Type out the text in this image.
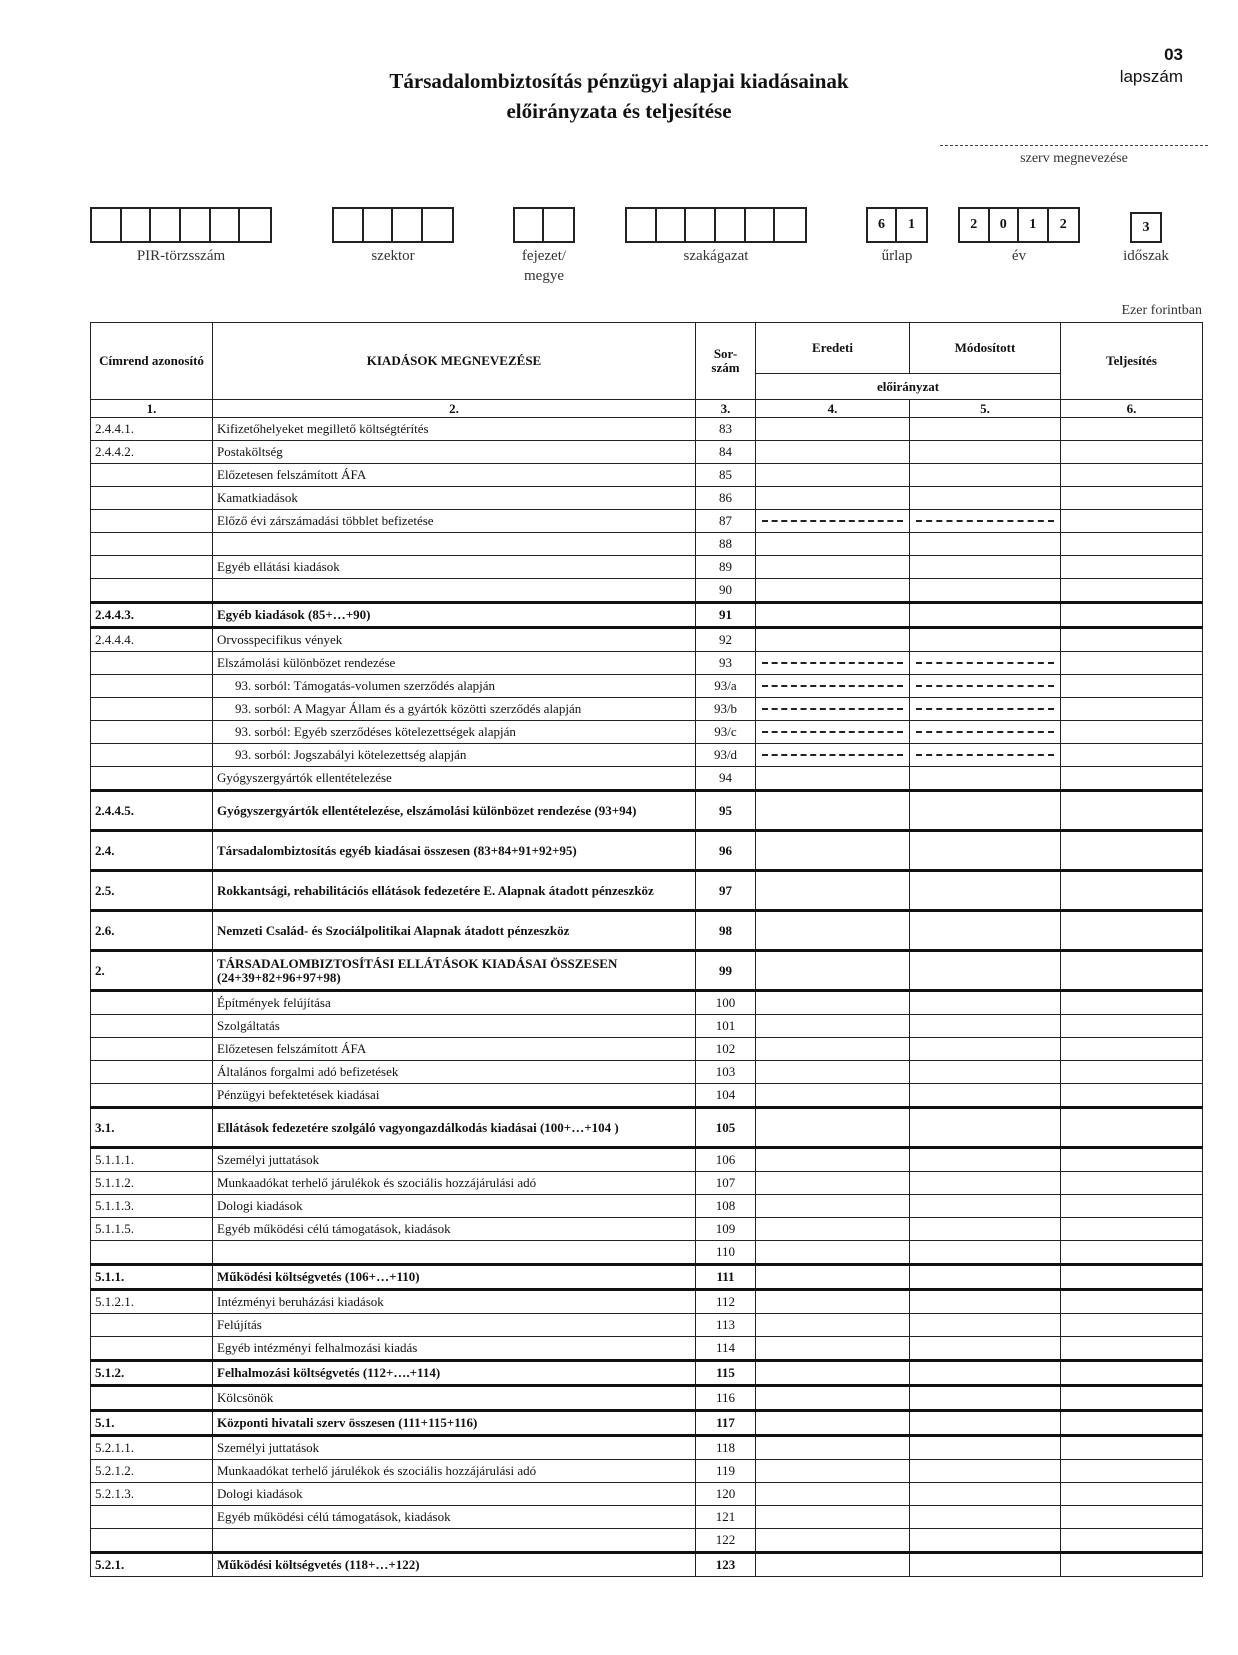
03
lapszám
Társadalombiztosítás pénzügyi alapjai kiadásainak
előirányzata és teljesítése
szerv megnevezése
PIR-törzsszám	szektor	fejezet/
megye
szakágazat
6	1
űrlap
2	0	1	2
év
3
időszak
Ezer forintban
Címrend azonosító	KIADÁSOK MEGNEVEZÉSE	Sor-
szám	Eredeti	Módosított	Teljesítés
			előirányzat		
1.	2.	3.	4.	5.	6.
2.4.4.1.	Kifizetőhelyeket megillető költségtérítés	83			
2.4.4.2.	Postaköltség	84			
	Előzetesen felszámított ÁFA	85			
	Kamatkiadások	86			
	Előző évi zárszámadási többlet befizetése	87	

		88			
	Egyéb ellátási kiadások	89			
		90			
2.4.4.3.	Egyéb kiadások (85+…+90)	91			
2.4.4.4.	Orvosspecifikus vények	92			
	Elszámolási különbözet rendezése	93	

	93. sorból: Támogatás-volumen szerződés alapján	93/a	

	93. sorból: A Magyar Állam és a gyártók közötti szerződés alapján	93/b	

	93. sorból: Egyéb szerződéses kötelezettségek alapján	93/c	

	93. sorból: Jogszabályi kötelezettség alapján	93/d	

	Gyógyszergyártók ellentételezése	94			
2.4.4.5.	Gyógyszergyártók ellentételezése, elszámolási különbözet rendezése (93+94)	95			
2.4.	Társadalombiztosítás egyéb kiadásai összesen (83+84+91+92+95)	96			
2.5.	Rokkantsági, rehabilitációs ellátások fedezetére E. Alapnak átadott pénzeszköz	97			
2.6.	Nemzeti Család- és Szociálpolitikai Alapnak átadott pénzeszköz	98			
2.	TÁRSADALOMBIZTOSÍTÁSI ELLÁTÁSOK KIADÁSAI ÖSSZESEN (24+39+82+96+97+98)	99			
	Építmények felújítása	100			
	Szolgáltatás	101			
	Előzetesen felszámított ÁFA	102			
	Általános forgalmi adó befizetések	103			
	Pénzügyi befektetések kiadásai	104			
3.1.	Ellátások fedezetére szolgáló vagyongazdálkodás kiadásai (100+…+104 )	105			
5.1.1.1.	Személyi juttatások	106			
5.1.1.2.	Munkaadókat terhelő járulékok és szociális hozzájárulási adó	107			
5.1.1.3.	Dologi kiadások	108			
5.1.1.5.	Egyéb működési célú támogatások, kiadások	109			
		110			
5.1.1.	Működési költségvetés (106+…+110)	111			
5.1.2.1.	Intézményi beruházási kiadások	112			
	Felújítás	113			
	Egyéb intézményi felhalmozási kiadás	114			
5.1.2.	Felhalmozási költségvetés (112+….+114)	115			
	Kölcsönök	116			
5.1.	Központi hivatali szerv összesen (111+115+116)	117			
5.2.1.1.	Személyi juttatások	118			
5.2.1.2.	Munkaadókat terhelő járulékok és szociális hozzájárulási adó	119			
5.2.1.3.	Dologi kiadások	120			
	Egyéb működési célú támogatások, kiadások	121			
		122			
5.2.1.	Működési költségvetés (118+…+122)	123			
